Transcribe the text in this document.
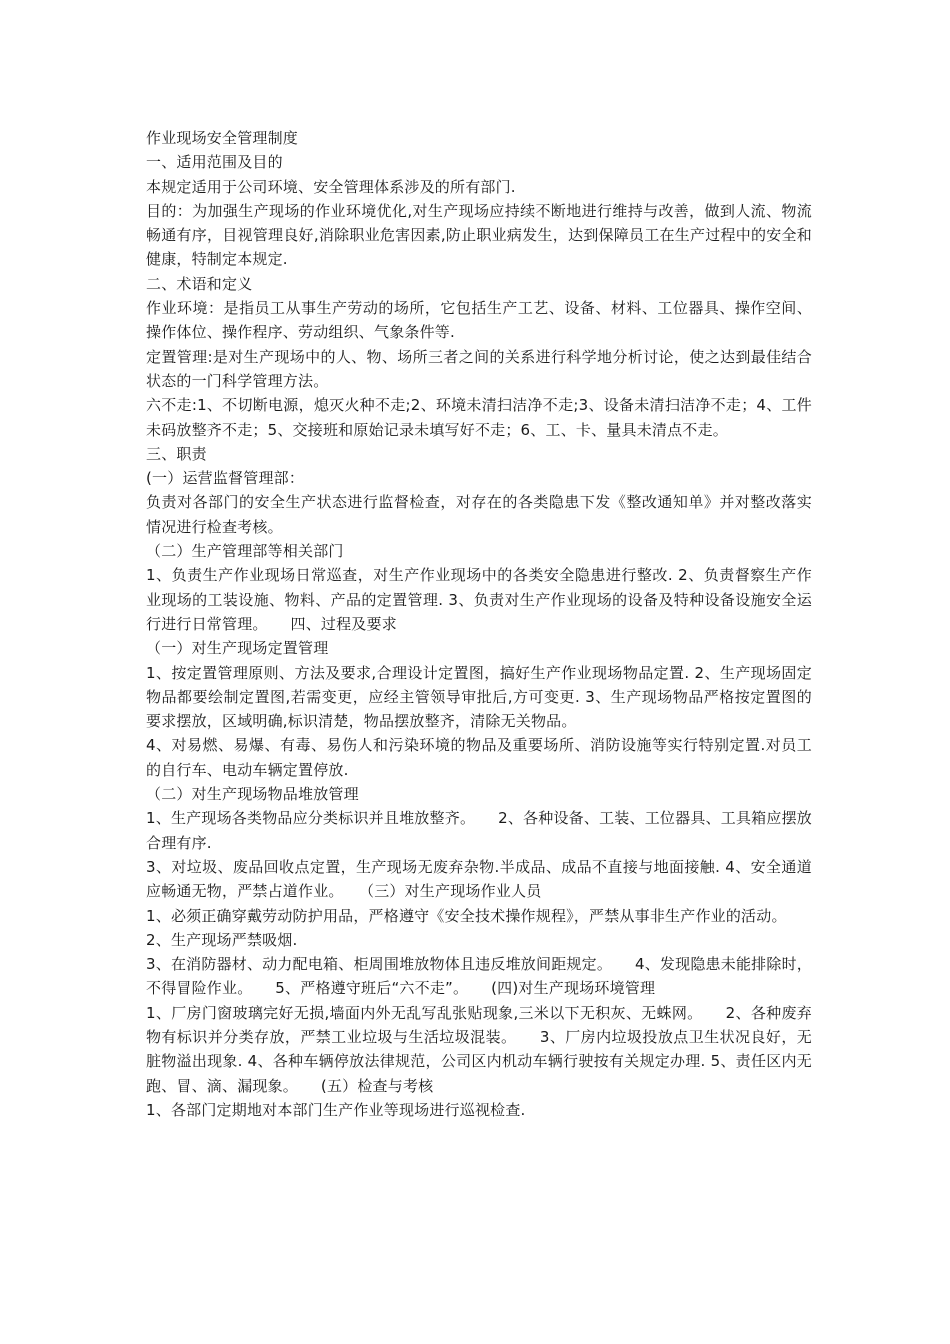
作业现场安全管理制度

一、适用范围及目的

本规定适用于公司环境、安全管理体系涉及的所有部门.

目的：为加强生产现场的作业环境优化,对生产现场应持续不断地进行维持与改善，做到人流、物流畅通有序，目视管理良好,消除职业危害因素,防止职业病发生，达到保障员工在生产过程中的安全和健康，特制定本规定.

二、术语和定义

作业环境：是指员工从事生产劳动的场所，它包括生产工艺、设备、材料、工位器具、操作空间、操作体位、操作程序、劳动组织、气象条件等.

定置管理:是对生产现场中的人、物、场所三者之间的关系进行科学地分析讨论，使之达到最佳结合状态的一门科学管理方法。

六不走:1、不切断电源，熄灭火种不走;2、环境未清扫洁净不走;3、设备未清扫洁净不走；4、工件未码放整齐不走；5、交接班和原始记录未填写好不走；6、工、卡、量具未清点不走。

三、职责

(一）运营监督管理部：

负责对各部门的安全生产状态进行监督检查，对存在的各类隐患下发《整改通知单》并对整改落实情况进行检查考核。

（二）生产管理部等相关部门

1、负责生产作业现场日常巡查，对生产作业现场中的各类安全隐患进行整改. 2、负责督察生产作业现场的工装设施、物料、产品的定置管理. 3、负责对生产作业现场的设备及特种设备设施安全运行进行日常管理。　　四、过程及要求

（一）对生产现场定置管理

1、按定置管理原则、方法及要求,合理设计定置图，搞好生产作业现场物品定置. 2、生产现场固定物品都要绘制定置图,若需变更，应经主管领导审批后,方可变更. 3、生产现场物品严格按定置图的要求摆放，区域明确,标识清楚，物品摆放整齐，清除无关物品。

4、对易燃、易爆、有毒、易伤人和污染环境的物品及重要场所、消防设施等实行特别定置.对员工的自行车、电动车辆定置停放.

（二）对生产现场物品堆放管理

1、生产现场各类物品应分类标识并且堆放整齐。　　2、各种设备、工装、工位器具、工具箱应摆放合理有序.

3、对垃圾、废品回收点定置，生产现场无废弃杂物.半成品、成品不直接与地面接触. 4、安全通道应畅通无物，严禁占道作业。　　（三）对生产现场作业人员

1、必须正确穿戴劳动防护用品，严格遵守《安全技术操作规程》，严禁从事非生产作业的活动。

2、生产现场严禁吸烟.

3、在消防器材、动力配电箱、柜周围堆放物体且违反堆放间距规定。　　4、发现隐患未能排除时，不得冒险作业。　　5、严格遵守班后“六不走”。　　(四)对生产现场环境管理

1、厂房门窗玻璃完好无损,墙面内外无乱写乱张贴现象,三米以下无积灰、无蛛网。　　2、各种废弃物有标识并分类存放，严禁工业垃圾与生活垃圾混装。　　3、厂房内垃圾投放点卫生状况良好，无脏物溢出现象. 4、各种车辆停放法律规范，公司区内机动车辆行驶按有关规定办理. 5、责任区内无跑、冒、滴、漏现象。　　(五）检查与考核

1、各部门定期地对本部门生产作业等现场进行巡视检查.
